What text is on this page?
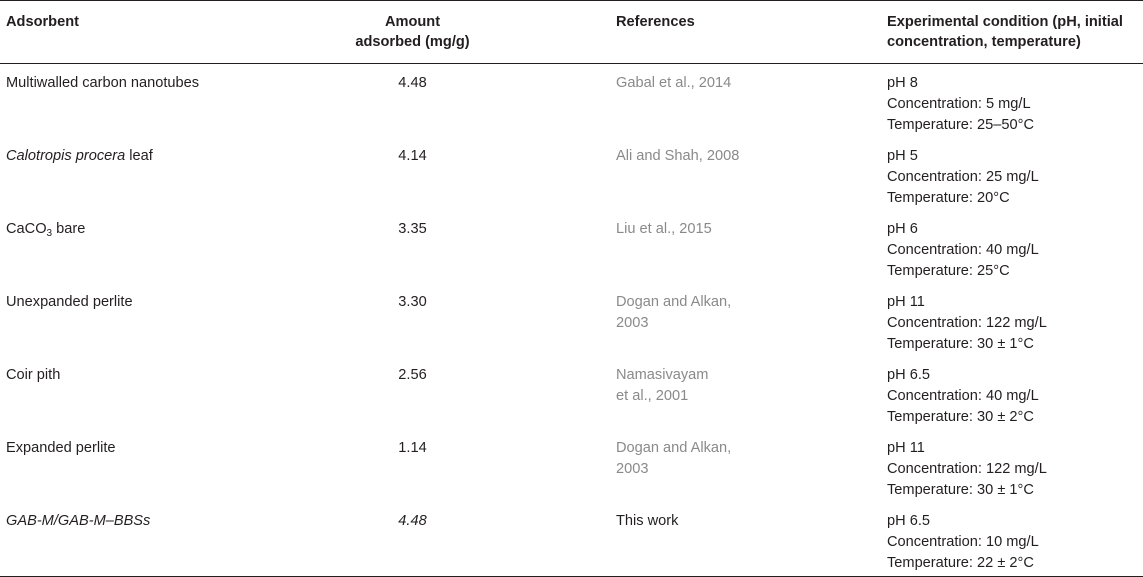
Adsorbent	Amount
adsorbed (mg/g)	References	Experimental condition (pH, initial
concentration, temperature)

Multiwalled carbon nanotubes	4.48	Gabal et al., 2014	pH 8
Concentration: 5 mg/L
Temperature: 25–50°C

Calotropis procera leaf	4.14	Ali and Shah, 2008	pH 5
Concentration: 25 mg/L
Temperature: 20°C

CaCO$_3$ bare	3.35	Liu et al., 2015	pH 6
Concentration: 40 mg/L
Temperature: 25°C

Unexpanded perlite	3.30	Dogan and Alkan,
2003	pH 11
Concentration: 122 mg/L
Temperature: 30 ± 1°C

Coir pith	2.56	Namasivayam
et al., 2001	pH 6.5
Concentration: 40 mg/L
Temperature: 30 ± 2°C

Expanded perlite	1.14	Dogan and Alkan,
2003	pH 11
Concentration: 122 mg/L
Temperature: 30 ± 1°C

GAB-M/GAB-M–BBSs	4.48	This work	pH 6.5
Concentration: 10 mg/L
Temperature: 22 ± 2°C
